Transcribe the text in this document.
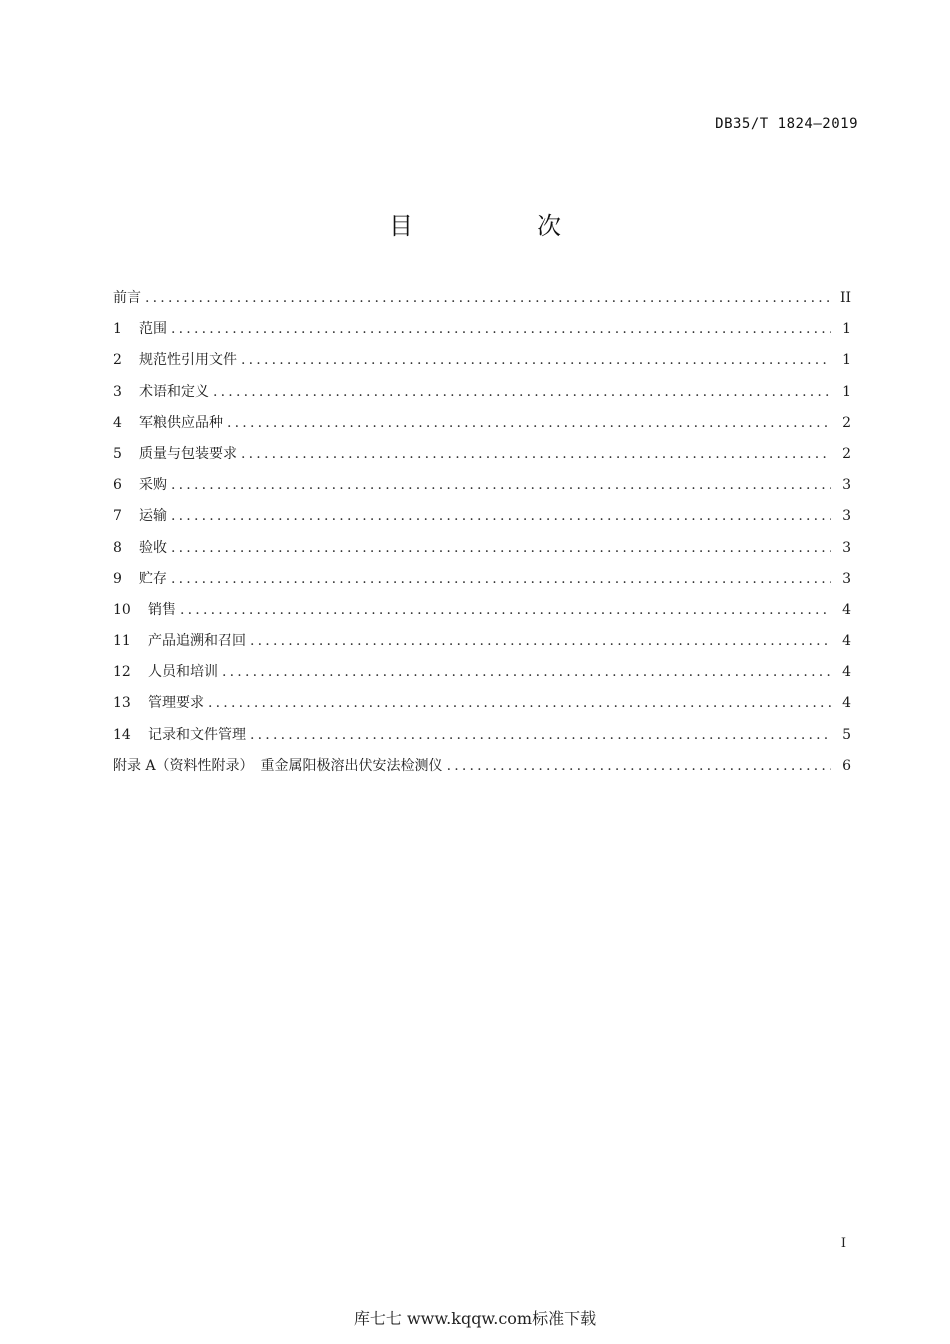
DB35/T 1824—2019
目　次
前言 .....	II
1	范围 .....	1
2	规范性引用文件 .....	1
3	术语和定义 .....	1
4	军粮供应品种 .....	2
5	质量与包装要求 .....	2
6	采购 .....	3
7	运输 .....	3
8	验收 .....	3
9	贮存 .....	3
10	销售 .....	4
11	产品追溯和召回 .....	4
12	人员和培训 .....	4
13	管理要求 .....	4
14	记录和文件管理 .....	5
附录 A（资料性附录）　重金属阳极溶出伏安法检测仪 .....	6
I
库七七 www.kqqw.com标准下载
